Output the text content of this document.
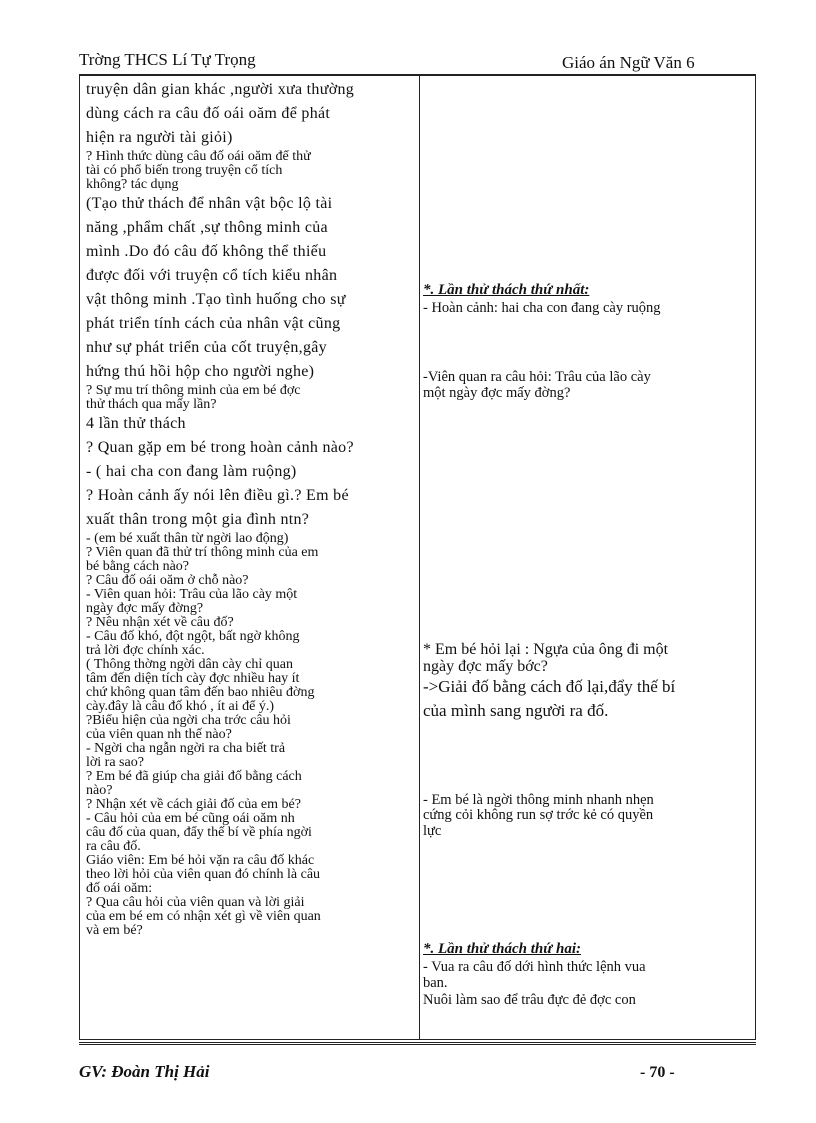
Trờng THCS Lí Tự Trọng	Giáo án Ngữ Văn 6
truyện dân gian khác ,người xưa thường
dùng cách ra câu đố oái oăm để phát
hiện ra người tài giỏi)
? Hình thức dùng câu đố oái oăm để thử
tài có phổ biến trong truyện cổ tích
không? tác dụng
(Tạo thử thách để nhân vật bộc lộ tài
năng ,phẩm chất ,sự thông minh của
mình .Do đó câu đố không thể thiếu
được đối với truyện cổ tích kiểu nhân
vật thông minh .Tạo tình huống cho sự
phát triển tính cách của nhân vật cũng
như sự phát triển của cốt truyện,gây
hứng thú hồi hộp cho người nghe)
? Sự mu trí thông minh của em bé đợc
thử thách qua mấy lần?
4 lần thử thách
? Quan gặp em bé trong hoàn cảnh nào?
- ( hai cha con đang làm ruộng)
? Hoàn cảnh ấy nói lên điều gì.? Em bé
xuất thân trong một gia đình ntn?
- (em bé xuất thân từ ngời lao động)
? Viên quan đã thử trí thông minh của em
bé bằng cách nào?
? Câu đố oái oăm ở chỗ nào?
- Viên quan hỏi: Trâu của lão cày một
ngày đợc mấy đờng?
? Nêu nhận xét về câu đố?
- Câu đố khó, đột ngột, bất ngờ không
trả lời đợc chính xác.
( Thông thờng ngời dân cày chỉ quan
tâm đến diện tích cày đợc nhiều hay ít
chứ không quan tâm đến bao nhiêu đờng
cày.đây là câu đố khó , ít ai để ý.)
?Biểu hiện của ngời cha trớc câu hỏi
của viên quan nh thế nào?
- Ngời cha ngẫn ngời ra cha biết trả
lời ra sao?
? Em bé đã giúp cha giải đố bằng cách
nào?
? Nhận xét về cách giải đố của em bé?
- Câu hỏi của em bé cũng oái oăm nh
câu đố của quan, đẩy thế bí về phía ngời
ra câu đố.
Giáo viên: Em bé hỏi vặn ra câu đố khác
theo lời hỏi của viên quan đó chính là câu
đố oái oăm:
? Qua câu hỏi của viên quan và lời giải
của em bé em có nhận xét gì về viên quan
và em bé?
*. Lần thử thách thứ nhất:
- Hoàn cảnh: hai cha con đang cày ruộng
-Viên quan ra câu hỏi: Trâu của lão cày
một ngày đợc mấy đờng?
* Em bé hỏi lại : Ngựa của ông đi một
ngày đợc mấy bớc?
->Giải đố bằng cách đố lại,đẩy thế bí
của mình sang người ra đố.
- Em bé là ngời thông minh nhanh nhẹn
cứng cỏi không run sợ trớc kẻ có quyền
lực
*. Lần thử thách thứ hai:
- Vua ra câu đố dới hình thức lệnh vua
ban.
Nuôi làm sao để trâu đực đẻ đợc con
GV: Đoàn Thị Hải	- 70 -
